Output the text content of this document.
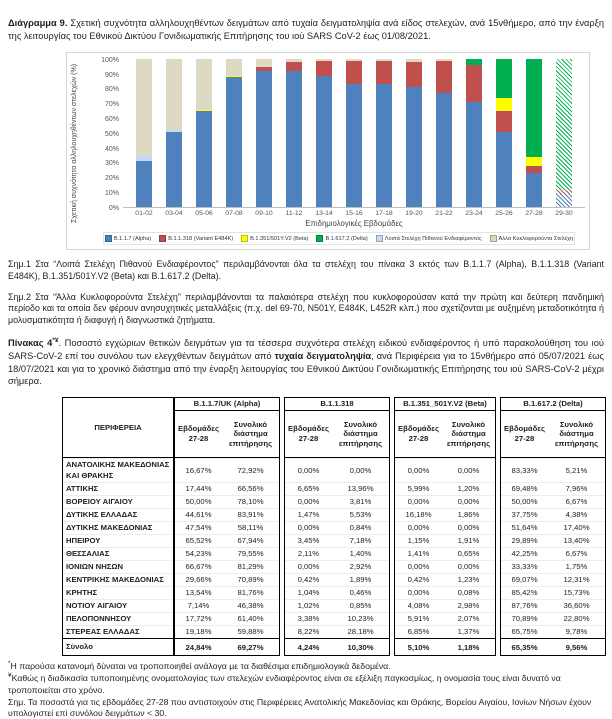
Διάγραμμα 9. Σχετική συχνότητα αλληλουχηθέντων δειγμάτων από τυχαία δειγματοληψία ανά είδος στελεχών, ανά 15νθήμερο, από την έναρξη της λειτουργίας του Εθνικού Δικτύου Γονιδιωματικής Επιτήρησης του ιού SARS CoV-2 έως 01/08/2021.

Σχετική συχνότητα αλληλουχηθέντων στελεχών (%)	0%
10%
20%
30%
40%
50%
60%
70%
80%
90%
100%
01-02	03-04	05-06	07-08	09-10	11-12	13-14	15-16	17-18	19-20	21-22	23-24	25-26	27-28	29-30
Επιδημιολογικές Εβδομάδες
B.1.1.7 (Alpha)	B.1.1.318 (Variant E484K)	B.1.351/501Y.V2 (Beta)	B.1.617.2 (Delta)	Λοιπά Στελέχη Πιθανού Ενδιαφέροντος	Άλλα Κυκλοφορούντα Στελέχη

Σημ.1 Στα “Λοιπά Στελέχη Πιθανού Ενδιαφέροντος” περιλαμβάνονται όλα τα στελέχη του πίνακα 3 εκτός των B.1.1.7 (Alpha), B.1.1.318 (Variant E484K), B.1.351/501Y.V2 (Beta) και B.1.617.2 (Delta).

Σημ.2 Στα “Άλλα Κυκλοφορούντα Στελέχη” περιλαμβάνονται τα παλαιότερα στελέχη που κυκλοφορούσαν κατά την πρώτη και δεύτερη πανδημική περίοδο και τα οποία δεν φέρουν ανησυχητικές μεταλλάξεις (π.χ. del 69-70, N501Y, E484K, L452R κλπ.) που σχετίζονται με αυξημένη μεταδοτικότητα ή μολυσματικότητα ή διαφυγή ή διαγνωστικά ζητήματα.

Πίνακας 4*¥. Ποσοστό εγχώριων θετικών δειγμάτων για τα τέσσερα συχνότερα στελέχη ειδικού ενδιαφέροντος ή υπό παρακολούθηση του ιού SARS-CoV-2 επί του συνόλου των ελεγχθέντων δειγμάτων από τυχαία δειγματοληψία, ανά Περιφέρεια για το 15νθήμερο από 05/07/2021 έως 18/07/2021 και για το χρονικό διάστημα από την έναρξη λειτουργίας του Εθνικού Δικτύου Γονιδιωματικής Επιτήρησης του ιού SARS-CoV-2 μέχρι σήμερα.

ΠΕΡΙΦΕΡΕΙΑ
B.1.1.7/UK (Alpha)	B.1.1.318	B.1.351_501Y.V2 (Beta)	B.1.617.2 (Delta)
Εβδομάδες 27-28
Συνολικό διάστημα επιτήρησης
Εβδομάδες 27-28
Συνολικό διάστημα επιτήρησης
Εβδομάδες 27-28
Συνολικό διάστημα επιτήρησης
Εβδομάδες 27-28
Συνολικό διάστημα επιτήρησης
ΑΝΑΤΟΛΙΚΗΣ ΜΑΚΕΔΟΝΙΑΣ ΚΑΙ ΘΡΑΚΗΣ
16,67%	72,92%	0,00%	0,00%	0,00%	0,00%	83,33%	5,21%
ΑΤΤΙΚΗΣ	17,44%	66,56%	6,65%	13,96%	5,99%	1,20%	69,48%	7,96%
ΒΟΡΕΙΟΥ ΑΙΓΑΙΟΥ	50,00%	78,10%	0,00%	3,81%	0,00%	0,00%	50,00%	6,67%
ΔΥΤΙΚΗΣ ΕΛΛΑΔΑΣ	44,61%	83,91%	1,47%	5,53%	16,18%	1,86%	37,75%	4,38%
ΔΥΤΙΚΗΣ ΜΑΚΕΔΟΝΙΑΣ	47,54%	58,11%	0,00%	0,84%	0,00%	0,00%	51,64%	17,40%
ΗΠΕΙΡΟΥ	65,52%	67,94%	3,45%	7,18%	1,15%	1,91%	29,89%	13,40%
ΘΕΣΣΑΛΙΑΣ	54,23%	79,55%	2,11%	1,40%	1,41%	0,65%	42,25%	6,67%
ΙΟΝΙΩΝ ΝΗΣΩΝ	66,67%	81,29%	0,00%	2,92%	0,00%	0,00%	33,33%	1,75%
ΚΕΝΤΡΙΚΗΣ ΜΑΚΕΔΟΝΙΑΣ	29,66%	70,89%	0,42%	1,89%	0,42%	1,23%	69,07%	12,31%
ΚΡΗΤΗΣ	13,54%	81,76%	1,04%	0,46%	0,00%	0,08%	85,42%	15,73%
ΝΟΤΙΟΥ ΑΙΓΑΙΟΥ	7,14%	46,38%	1,02%	0,85%	4,08%	2,98%	87,76%	36,60%
ΠΕΛΟΠΟΝΝΗΣΟΥ	17,72%	61,40%	3,38%	10,23%	5,91%	2,07%	70,89%	22,80%
ΣΤΕΡΕΑΣ ΕΛΛΑΔΑΣ	19,18%	59,88%	8,22%	28,18%	6,85%	1,37%	65,75%	9,78%
Σύνολο	24,84%	69,27%	4,24%	10,30%	5,10%	1,18%	65,35%	9,56%

*Η παρούσα κατανομή δύναται να τροποποιηθεί ανάλογα με τα διαθέσιμα επιδημιολογικά δεδομένα.

¥Καθώς η διαδικασία τυποποιημένης ονοματολογίας των στελεχών ενδιαφέροντος είναι σε εξέλιξη παγκοσμίως, η ονομασία τους είναι δυνατό να τροποποιείται στο χρόνο.

Σημ. Τα ποσοστά για τις εβδομάδες 27-28 που αντιστοιχούν στις Περιφέρειες Ανατολικής Μακεδονίας και Θράκης, Βορείου Αιγαίου, Ιονίων Νήσων έχουν υπολογιστεί επί συνόλου δειγμάτων < 30.
